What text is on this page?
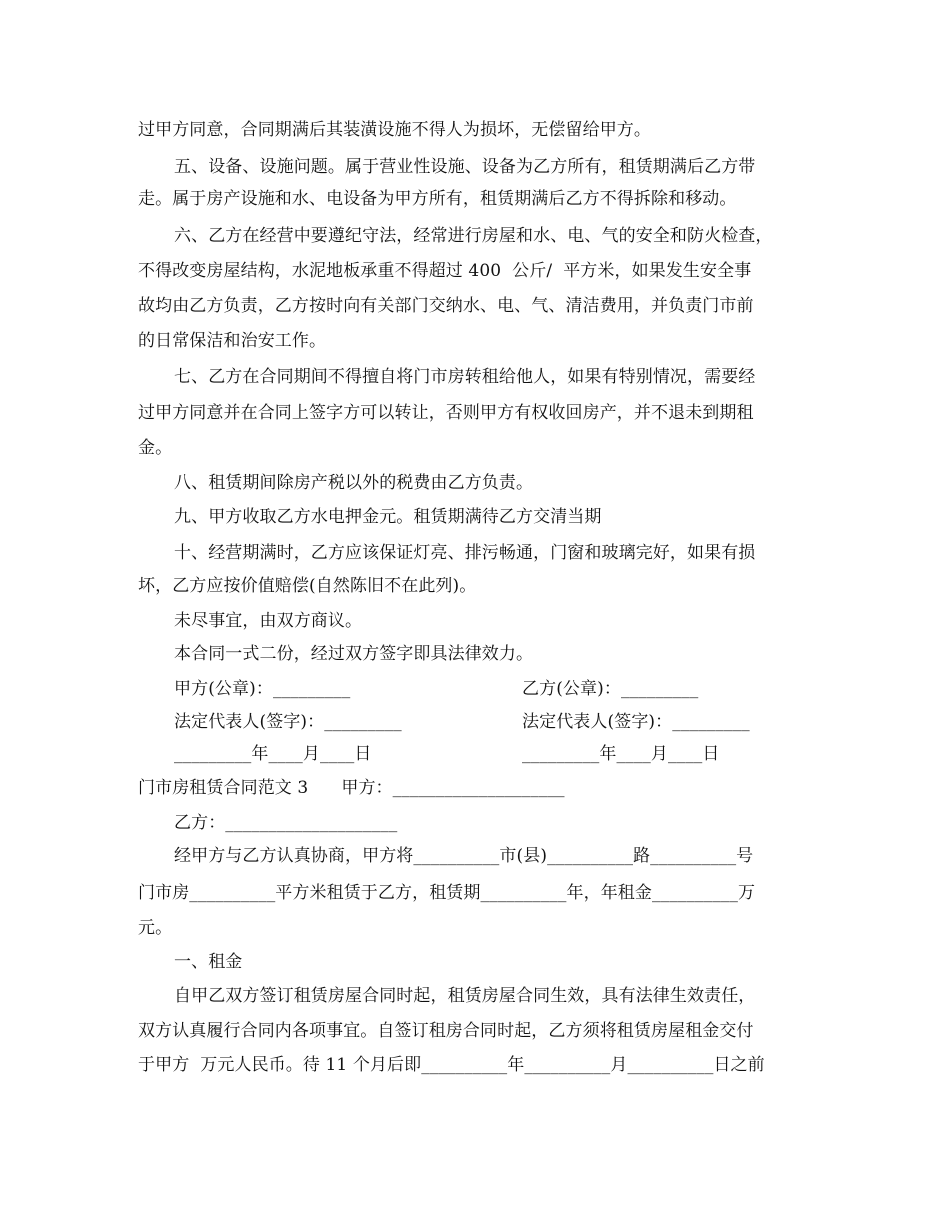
过甲方同意，合同期满后其装潢设施不得人为损坏，无偿留给甲方。
五、设备、设施问题。属于营业性设施、设备为乙方所有，租赁期满后乙方带
走。属于房产设施和水、电设备为甲方所有，租赁期满后乙方不得拆除和移动。
六、乙方在经营中要遵纪守法，经常进行房屋和水、电、气的安全和防火检查，
不得改变房屋结构，水泥地板承重不得超过 400  公斤/  平方米，如果发生安全事
故均由乙方负责，乙方按时向有关部门交纳水、电、气、清洁费用，并负责门市前
的日常保洁和治安工作。
七、乙方在合同期间不得擅自将门市房转租给他人，如果有特别情况，需要经
过甲方同意并在合同上签字方可以转让，否则甲方有权收回房产，并不退未到期租
金。
八、租赁期间除房产税以外的税费由乙方负责。
九、甲方收取乙方水电押金元。租赁期满待乙方交清当期
十、经营期满时，乙方应该保证灯亮、排污畅通，门窗和玻璃完好，如果有损
坏，乙方应按价值赔偿(自然陈旧不在此列)。
未尽事宜，由双方商议。
本合同一式二份，经过双方签字即具法律效力。
甲方(公章)：_________	乙方(公章)：_________
法定代表人(签字)：_________	法定代表人(签字)：_________
_________年____月____日	_________年____月____日
门市房租赁合同范文 3      甲方：____________________
乙方：____________________
经甲方与乙方认真协商，甲方将__________市(县)__________路__________号
门市房__________平方米租赁于乙方，租赁期__________年，年租金__________万
元。
一、租金
自甲乙双方签订租赁房屋合同时起，租赁房屋合同生效，具有法律生效责任，
双方认真履行合同内各项事宜。自签订租房合同时起，乙方须将租赁房屋租金交付
于甲方  万元人民币。待 11 个月后即__________年__________月__________日之前
